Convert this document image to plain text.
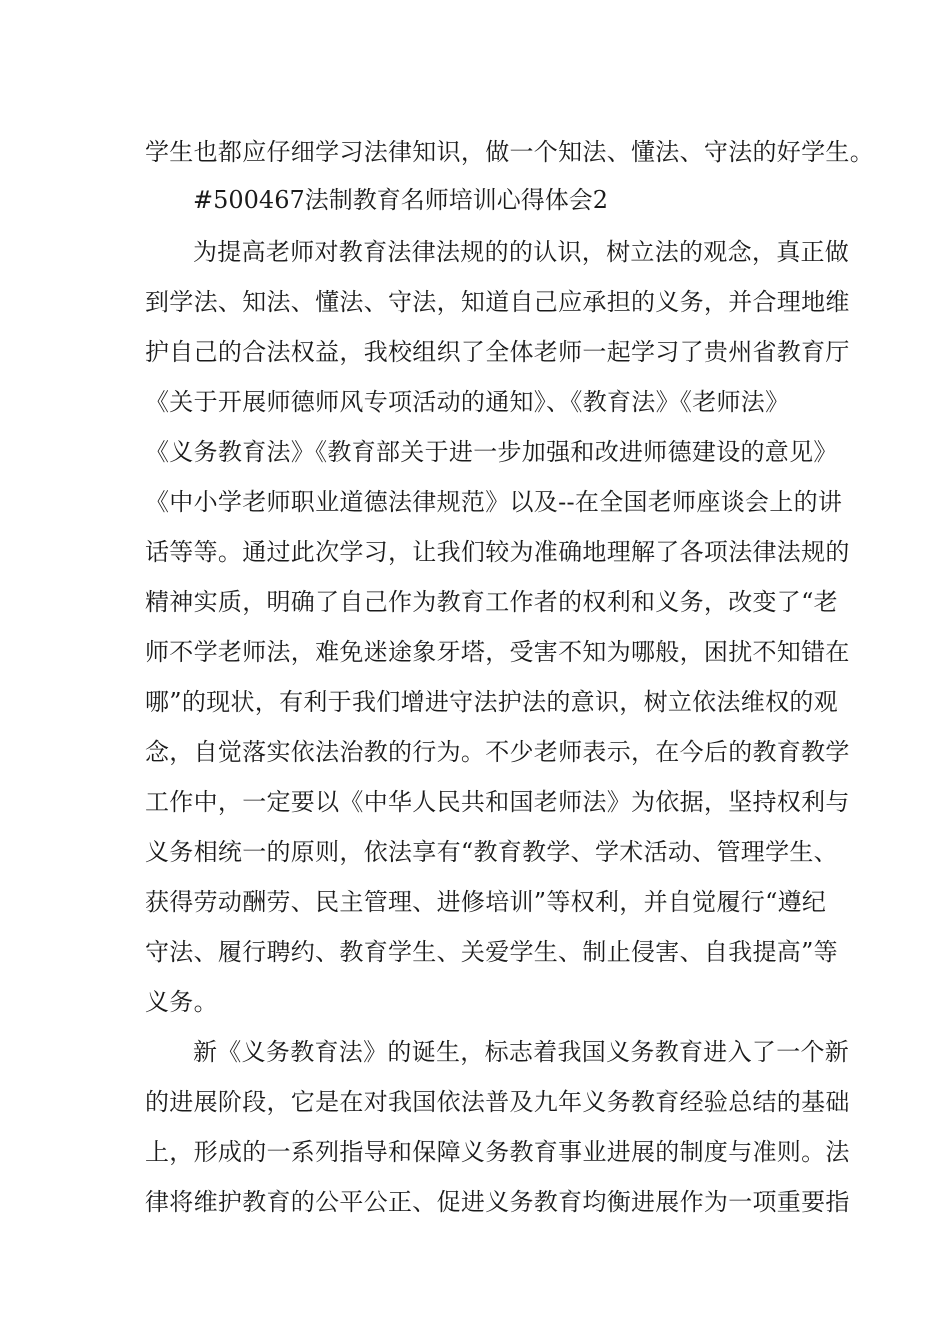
学生也都应仔细学习法律知识，做一个知法、懂法、守法的好学生。

#500467法制教育名师培训心得体会2

为提高老师对教育法律法规的的认识，树立法的观念，真正做

到学法、知法、懂法、守法，知道自己应承担的义务，并合理地维

护自己的合法权益，我校组织了全体老师一起学习了贵州省教育厅

《关于开展师德师风专项活动的通知》、《教育法》《老师法》

《义务教育法》《教育部关于进一步加强和改进师德建设的意见》

《中小学老师职业道德法律规范》以及--在全国老师座谈会上的讲

话等等。通过此次学习，让我们较为准确地理解了各项法律法规的

精神实质，明确了自己作为教育工作者的权利和义务，改变了“老

师不学老师法，难免迷途象牙塔，受害不知为哪般，困扰不知错在

哪”的现状，有利于我们增进守法护法的意识，树立依法维权的观

念，自觉落实依法治教的行为。不少老师表示，在今后的教育教学

工作中，一定要以《中华人民共和国老师法》为依据，坚持权利与

义务相统一的原则，依法享有“教育教学、学术活动、管理学生、

获得劳动酬劳、民主管理、进修培训”等权利，并自觉履行“遵纪

守法、履行聘约、教育学生、关爱学生、制止侵害、自我提高”等

义务。

新《义务教育法》的诞生，标志着我国义务教育进入了一个新

的进展阶段，它是在对我国依法普及九年义务教育经验总结的基础

上，形成的一系列指导和保障义务教育事业进展的制度与准则。法

律将维护教育的公平公正、促进义务教育均衡进展作为一项重要指
